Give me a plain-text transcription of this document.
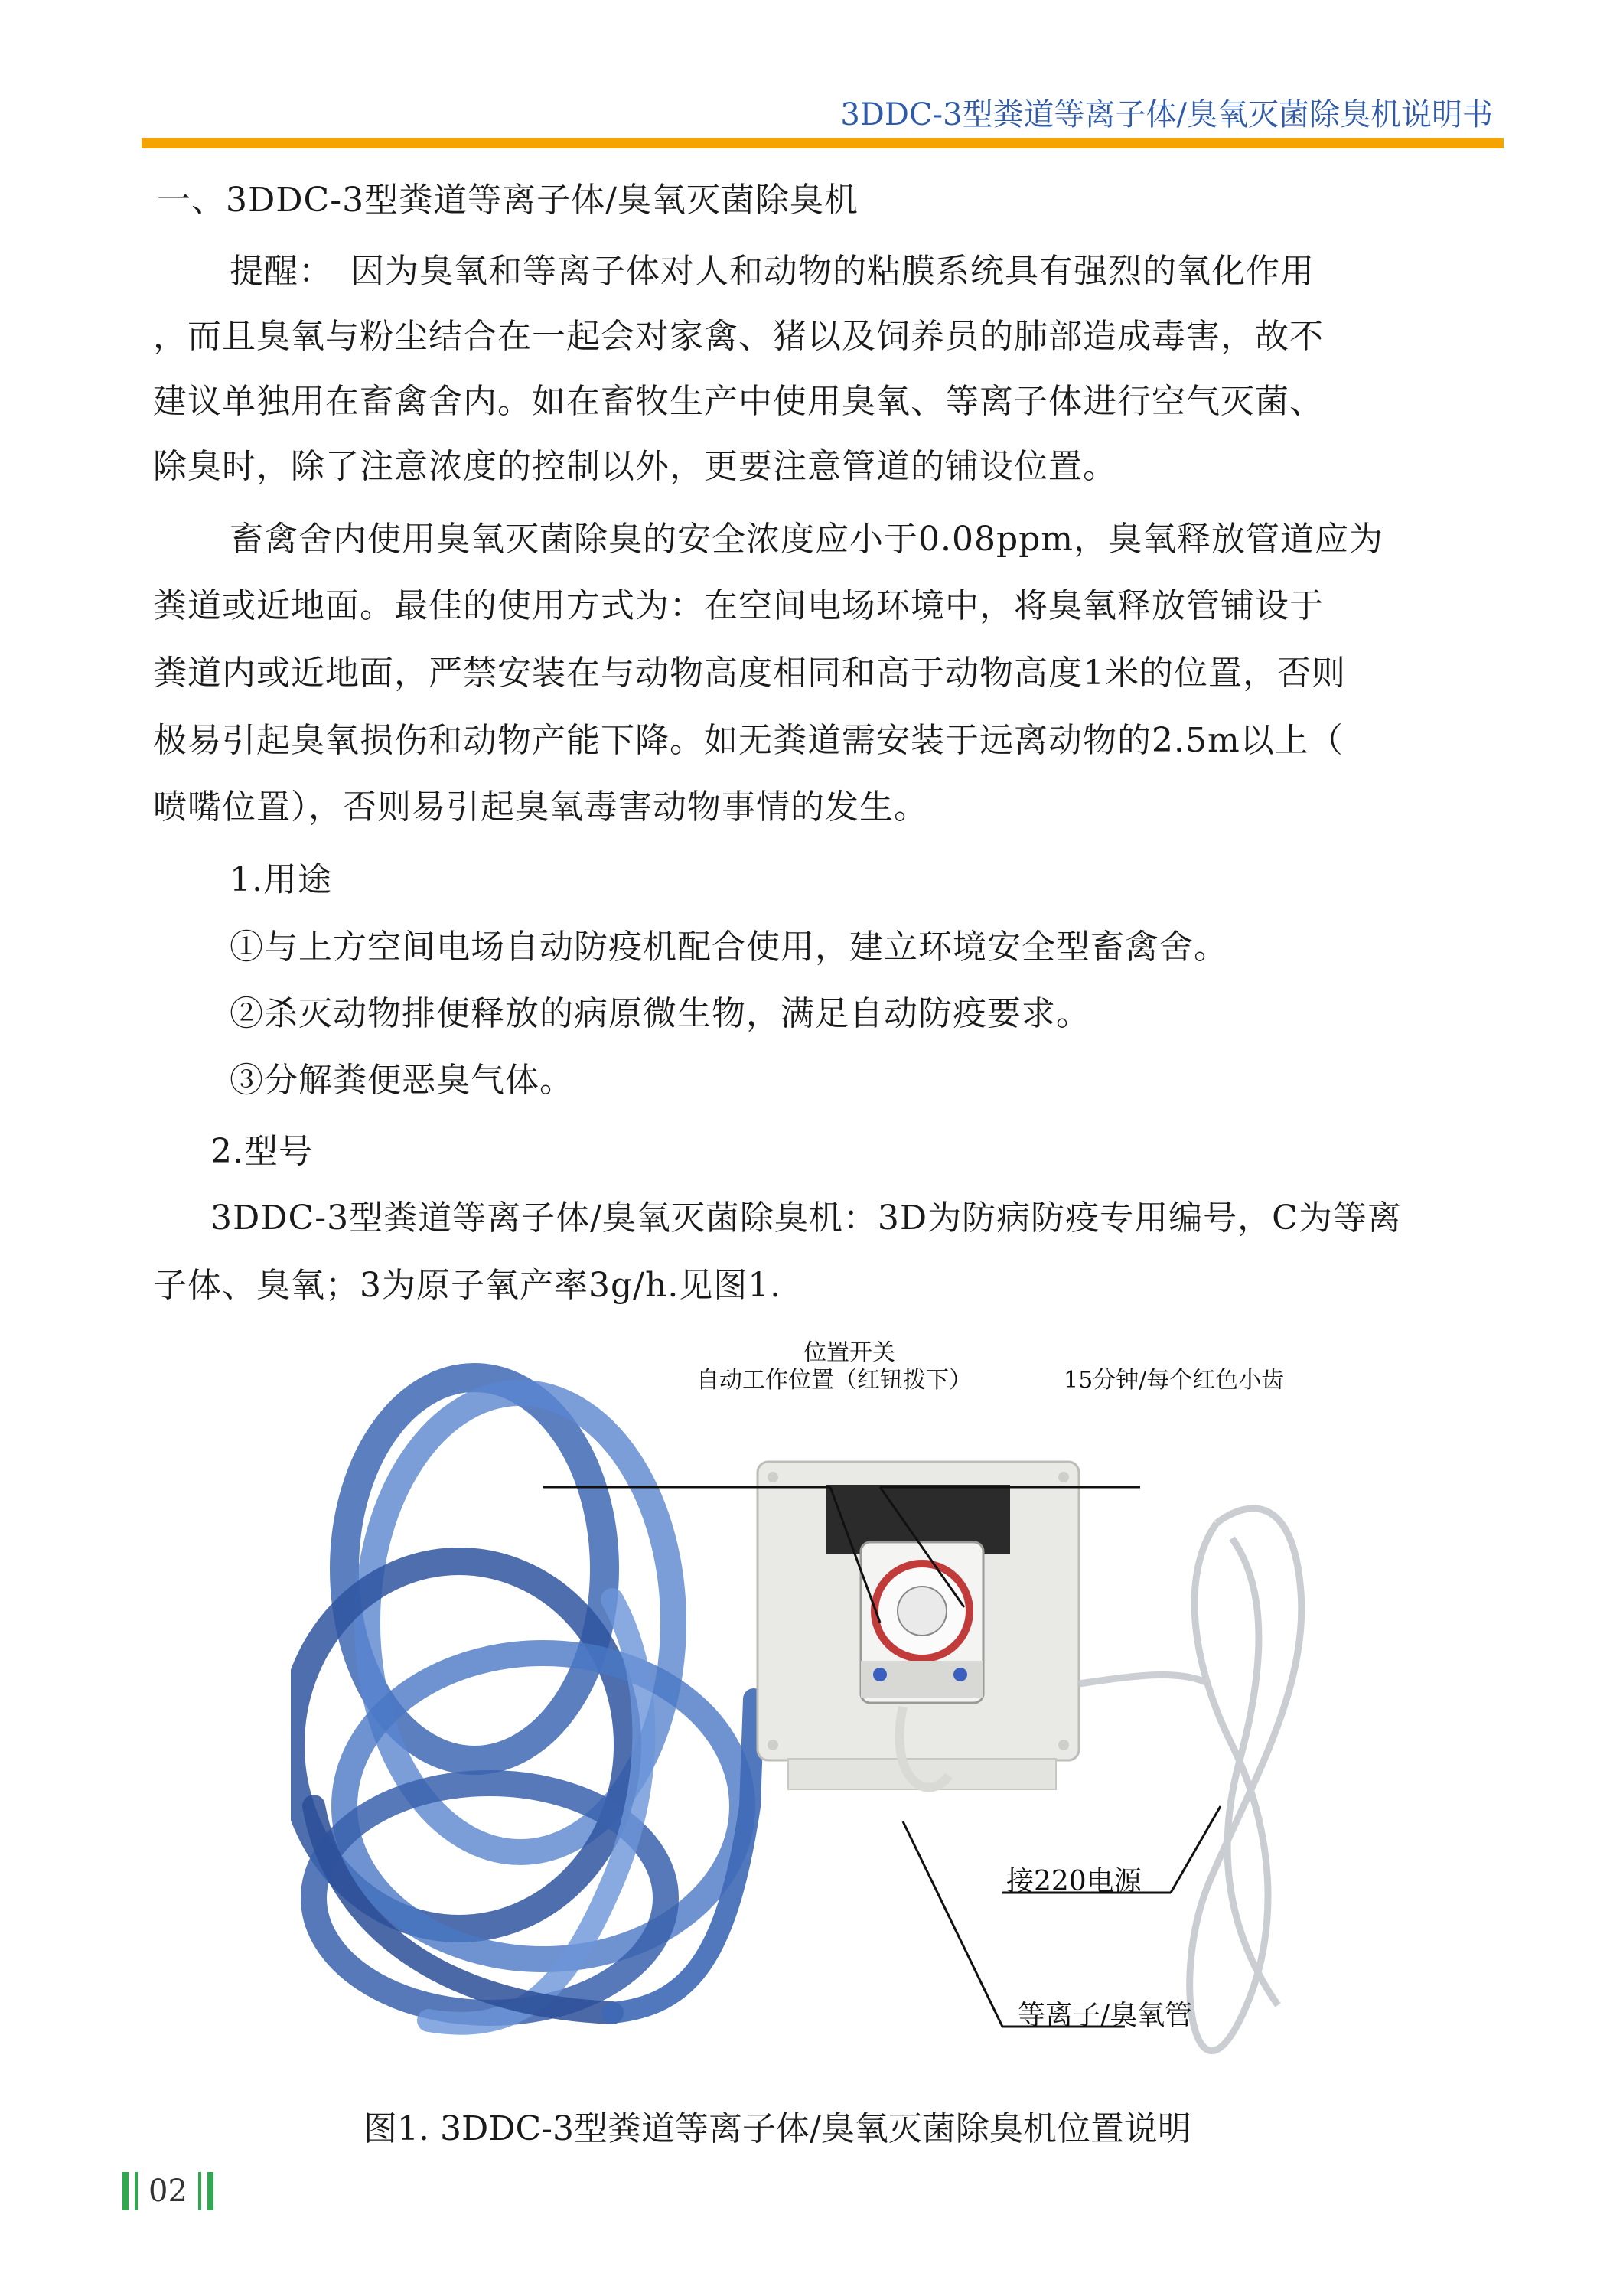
3DDC-3型粪道等离子体/臭氧灭菌除臭机说明书
一、3DDC-3型粪道等离子体/臭氧灭菌除臭机
提醒：　因为臭氧和等离子体对人和动物的粘膜系统具有强烈的氧化作用
，而且臭氧与粉尘结合在一起会对家禽、猪以及饲养员的肺部造成毒害，故不
建议单独用在畜禽舍内。如在畜牧生产中使用臭氧、等离子体进行空气灭菌、
除臭时，除了注意浓度的控制以外，更要注意管道的铺设位置。
畜禽舍内使用臭氧灭菌除臭的安全浓度应小于0.08ppm，臭氧释放管道应为
粪道或近地面。最佳的使用方式为：在空间电场环境中，将臭氧释放管铺设于
粪道内或近地面，严禁安装在与动物高度相同和高于动物高度1米的位置，否则
极易引起臭氧损伤和动物产能下降。如无粪道需安装于远离动物的2.5m以上（
喷嘴位置），否则易引起臭氧毒害动物事情的发生。
1.用途
①与上方空间电场自动防疫机配合使用，建立环境安全型畜禽舍。
②杀灭动物排便释放的病原微生物，满足自动防疫要求。
③分解粪便恶臭气体。
2.型号
3DDC-3型粪道等离子体/臭氧灭菌除臭机：3D为防病防疫专用编号，C为等离
子体、臭氧；3为原子氧产率3g/h.见图1.
位置开关
自动工作位置（红钮拨下）	15分钟/每个红色小齿
接220电源
等离子/臭氧管
图1. 3DDC-3型粪道等离子体/臭氧灭菌除臭机位置说明
02
